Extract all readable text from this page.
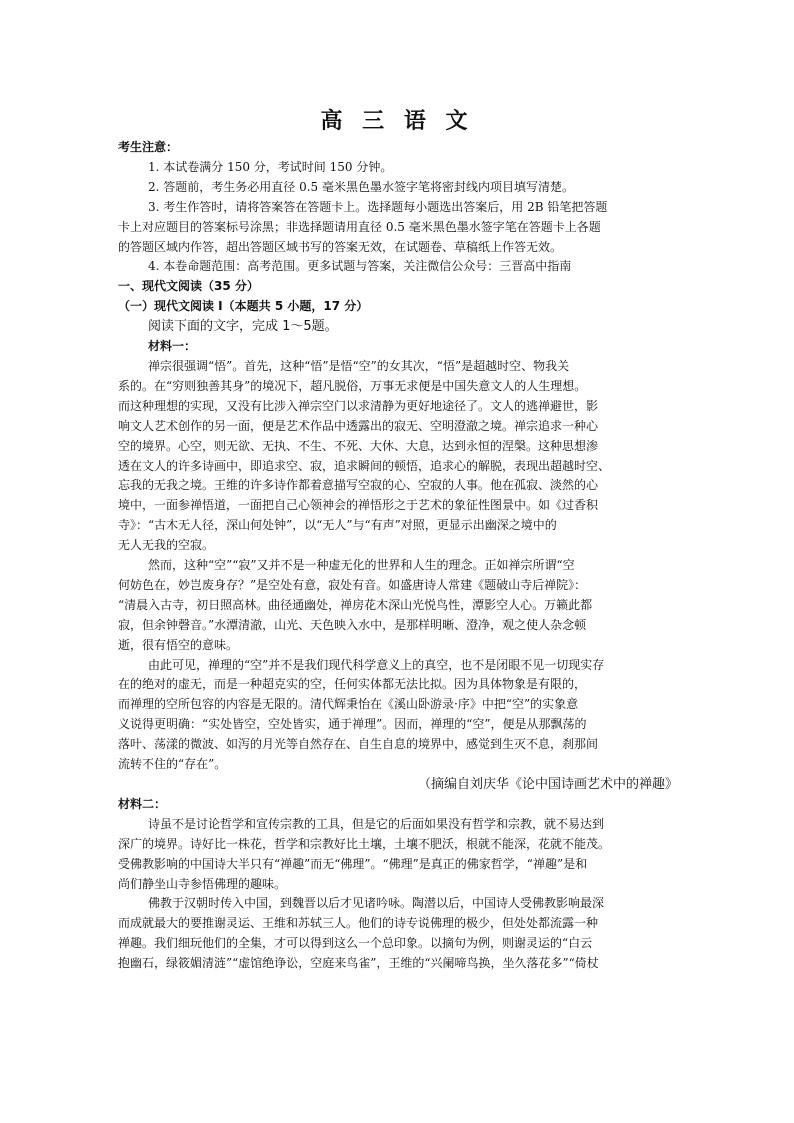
高 三 语 文

考生注意：

1. 本试卷满分 150 分，考试时间 150 分钟。

2. 答题前，考生务必用直径 0.5 毫米黑色墨水签字笔将密封线内项目填写清楚。

3. 考生作答时，请将答案答在答题卡上。选择题每小题选出答案后，用 2B 铅笔把答题

卡上对应题目的答案标号涂黑；非选择题请用直径 0.5 毫米黑色墨水签字笔在答题卡上各题

的答题区域内作答，超出答题区域书写的答案无效，在试题卷、草稿纸上作答无效。

4. 本卷命题范围：高考范围。更多试题与答案，关注微信公众号：三晋高中指南

一、现代文阅读（35 分）

（一）现代文阅读 I（本题共 5 小题，17 分）

阅读下面的文字，完成 1～5题。

材料一：

禅宗很强调“悟”。首先，这种“悟”是悟“空”的女其次，“悟”是超越时空、物我关

系的。在“穷则独善其身”的境况下，超凡脱俗，万事无求便是中国失意文人的人生理想。

而这种理想的实现，又没有比涉入禅宗空门以求清静为更好地途径了。文人的逃禅避世，影

响文人艺术创作的另一面，便是艺术作品中透露出的寂无、空明澄澈之境。禅宗追求一种心

空的境界。心空，则无欲、无执、不生、不死、大休、大息，达到永恒的涅槃。这种思想渗

透在文人的许多诗画中，即追求空、寂，追求瞬间的顿悟，追求心的解脱，表现出超越时空、

忘我的无我之境。王维的许多诗作都着意描写空寂的心、空寂的人事。他在孤寂、淡然的心

境中，一面参禅悟道，一面把自己心领神会的禅悟形之于艺术的象征性图景中。如《过香积

寺》：“古木无人径，深山何处钟”，以“无人”与“有声”对照，更显示出幽深之境中的

无人无我的空寂。

然而，这种“空”“寂”又并不是一种虚无化的世界和人生的理念。正如禅宗所谓“空

何妨色在，妙岂废身存？”是空处有意，寂处有音。如盛唐诗人常建《题破山寺后禅院》：

“清晨入古寺，初日照高林。曲径通幽处，禅房花木深山光悦鸟性，潭影空人心。万籁此都

寂，但余钟磬音。”水潭清澈，山光、天色映入水中，是那样明晰、澄净，观之使人杂念顿

逝，很有悟空的意味。

由此可见，禅理的“空”并不是我们现代科学意义上的真空，也不是闭眼不见一切现实存

在的绝对的虚无，而是一种超克实的空，任何实体都无法比拟。因为具体物象是有限的，

而禅理的空所包容的内容是无限的。清代辉秉怡在《溪山卧游录·序》中把“空”的实象意

义说得更明确：“实处皆空，空处皆实，通于禅理”。因而，禅理的“空”，便是从那飘荡的

落叶、荡漾的微波、如泻的月光等自然存在、自生自息的境界中，感觉到生灭不息，刹那间

流转不住的“存在”。

（摘编自刘庆华《论中国诗画艺术中的禅趣》

材料二：

诗虽不是讨论哲学和宣传宗教的工具，但是它的后面如果没有哲学和宗教，就不易达到

深广的境界。诗好比一株花，哲学和宗教好比土壤，土壤不肥沃，根就不能深，花就不能茂。

受佛教影响的中国诗大半只有“禅趣”而无“佛理”。“佛理”是真正的佛家哲学，“禅趣”是和

尚们静坐山寺参悟佛理的趣味。

佛教于汉朝时传入中国，到魏晋以后才见诸吟咏。陶潜以后，中国诗人受佛教影响最深

而成就最大的要推谢灵运、王维和苏轼三人。他们的诗专说佛理的极少，但处处都流露一种

禅趣。我们细玩他们的全集，才可以得到这么一个总印象。以摘句为例，则谢灵运的“白云

抱幽石，绿筱媚清涟”“虚馆绝诤讼，空庭来鸟雀”，王维的“兴阑啼鸟换，坐久落花多”“倚杖
